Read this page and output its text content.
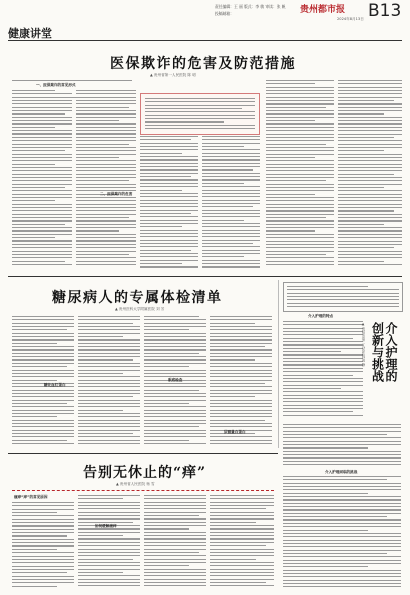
责任编辑：王 丽 版式：李 敏 审读：张 帆
投稿邮箱：	贵州都市报 B13
2024年8月13日
健康讲堂
医保欺诈的危害及防范措施
▲ 贵州省第一人民医院 陈 明
一、医保欺诈的常见形式
二、医保欺诈的危害
糖尿病人的专属体检清单
▲ 贵州医科大学附属医院 刘 芳
糖化血红蛋白
眼底检查
尿微量白蛋白
介入护理的特点
介入护理的
创新与挑战
▲ 贵阳市第二人民医院 周 静
介入护理面临的挑战
告别无休止的“痒”
▲ 贵州省人民医院 杨 雪
瘙痒“痒”的常见原因
如何缓解瘙痒
